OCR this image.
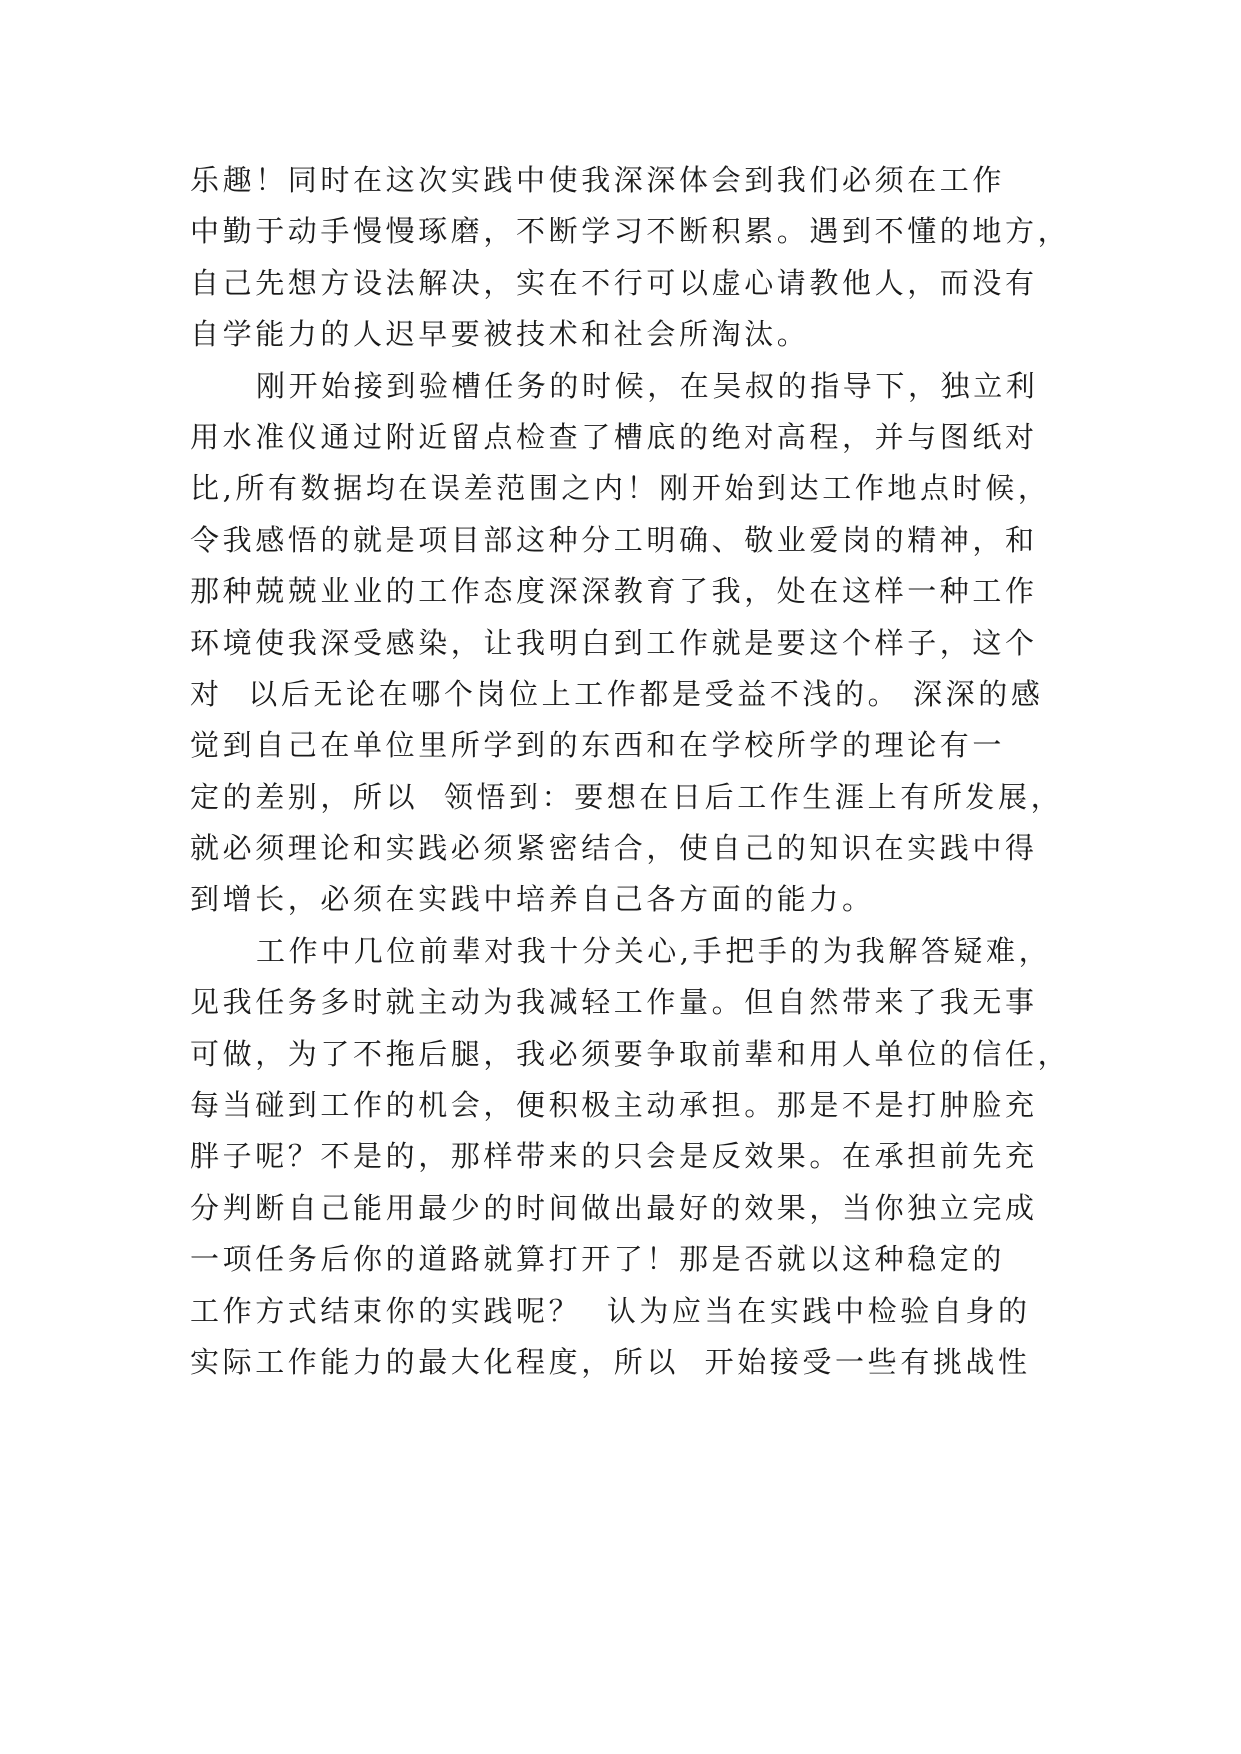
乐趣！同时在这次实践中使我深深体会到我们必须在工作
中勤于动手慢慢琢磨，不断学习不断积累。遇到不懂的地方，
自己先想方设法解决，实在不行可以虚心请教他人，而没有
自学能力的人迟早要被技术和社会所淘汰。
刚开始接到验槽任务的时候，在吴叔的指导下，独立利
用水准仪通过附近留点检查了槽底的绝对高程，并与图纸对
比,所有数据均在误差范围之内！刚开始到达工作地点时候，
令我感悟的就是项目部这种分工明确、敬业爱岗的精神，和
那种兢兢业业的工作态度深深教育了我，处在这样一种工作
环境使我深受感染，让我明白到工作就是要这个样子，这个
对  以后无论在哪个岗位上工作都是受益不浅的。 深深的感
觉到自己在单位里所学到的东西和在学校所学的理论有一
定的差别，所以  领悟到：要想在日后工作生涯上有所发展，
就必须理论和实践必须紧密结合，使自己的知识在实践中得
到增长，必须在实践中培养自己各方面的能力。
工作中几位前辈对我十分关心,手把手的为我解答疑难，
见我任务多时就主动为我减轻工作量。但自然带来了我无事
可做，为了不拖后腿，我必须要争取前辈和用人单位的信任，
每当碰到工作的机会，便积极主动承担。那是不是打肿脸充
胖子呢？不是的，那样带来的只会是反效果。在承担前先充
分判断自己能用最少的时间做出最好的效果，当你独立完成
一项任务后你的道路就算打开了！那是否就以这种稳定的
工作方式结束你的实践呢？  认为应当在实践中检验自身的
实际工作能力的最大化程度，所以  开始接受一些有挑战性
